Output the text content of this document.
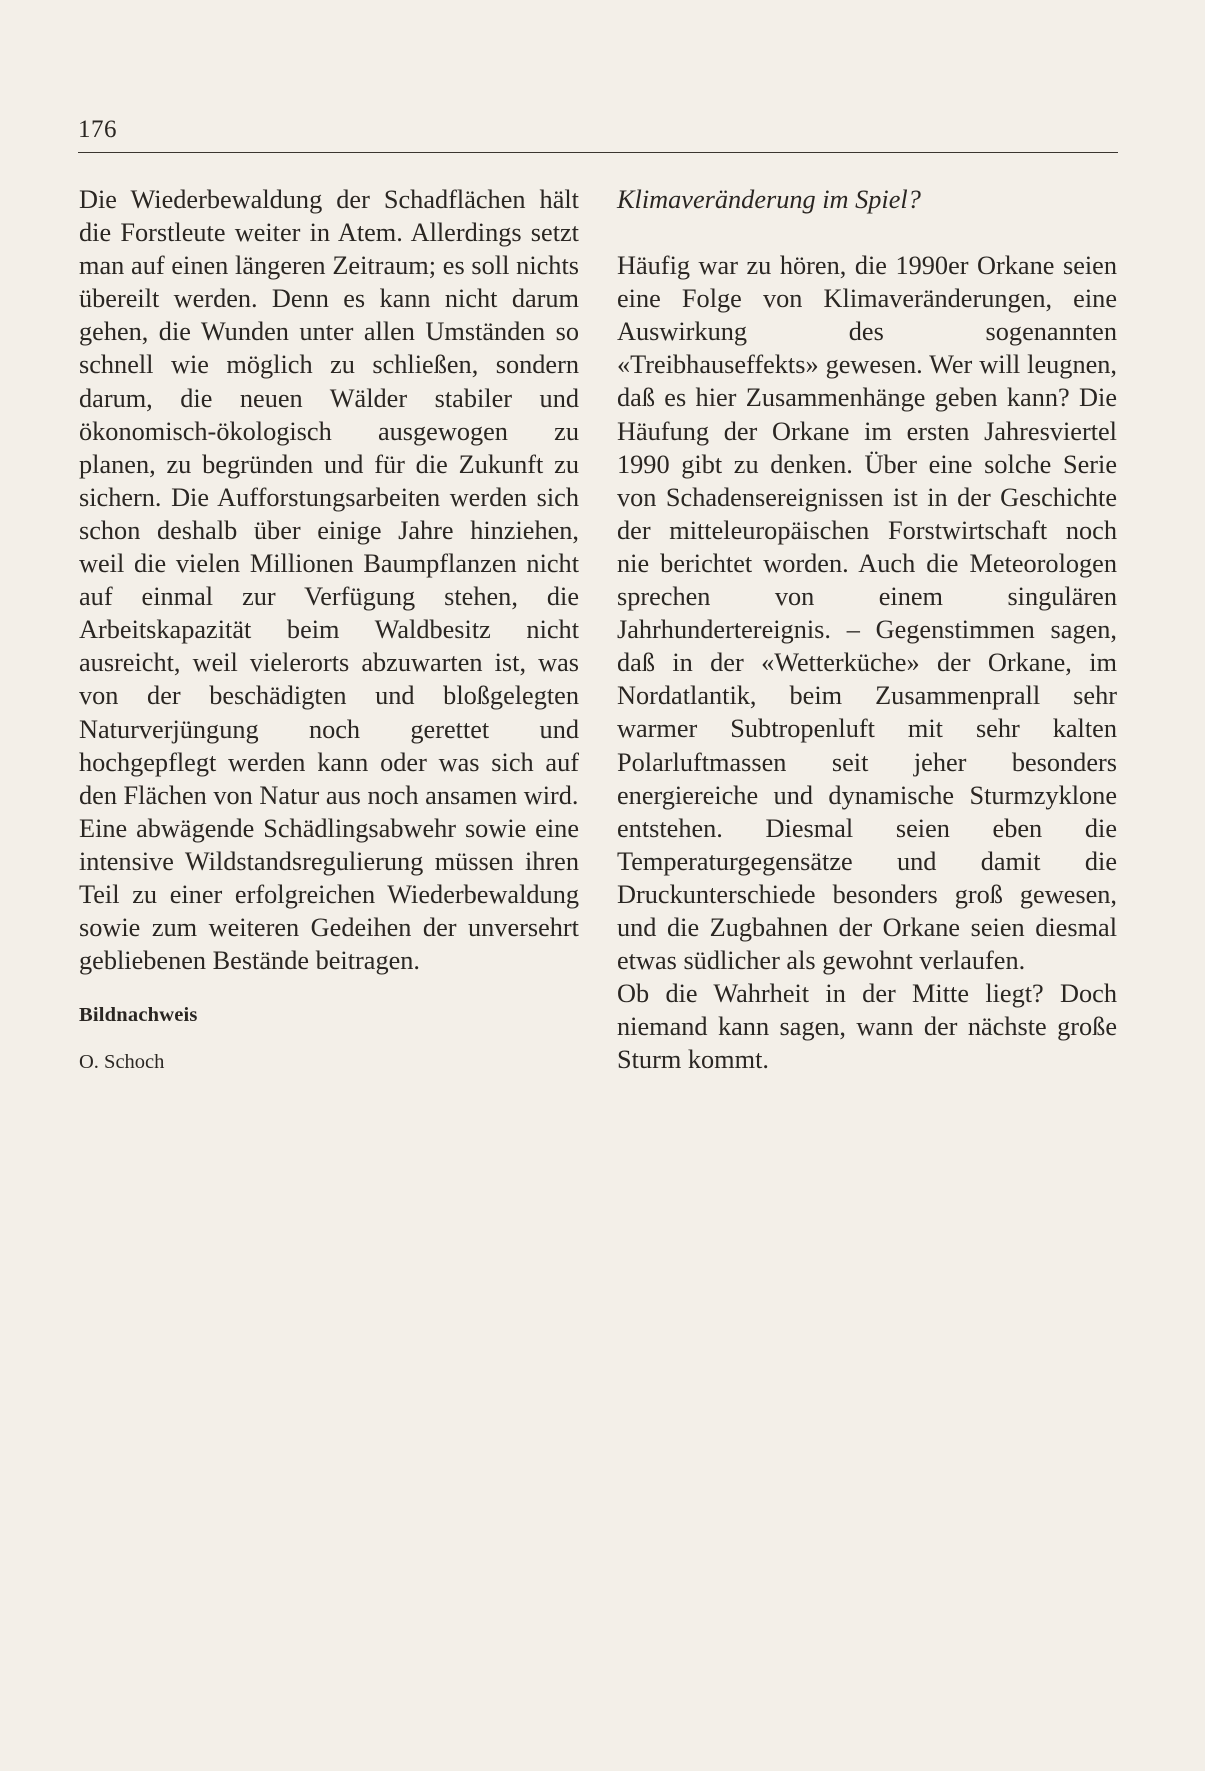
176

Die Wiederbewaldung der Schadflächen hält die Forstleute weiter in Atem. Allerdings setzt man auf einen längeren Zeitraum; es soll nichts übereilt werden. Denn es kann nicht darum gehen, die Wunden unter allen Umständen so schnell wie möglich zu schließen, sondern darum, die neuen Wälder stabiler und ökonomisch-ökologisch ausgewogen zu planen, zu begründen und für die Zukunft zu sichern. Die Aufforstungsarbeiten werden sich schon deshalb über einige Jahre hinziehen, weil die vielen Millionen Baumpflanzen nicht auf einmal zur Verfügung stehen, die Arbeitskapazität beim Waldbesitz nicht ausreicht, weil vielerorts abzuwarten ist, was von der beschädigten und bloßgelegten Naturverjüngung noch gerettet und hochgepflegt werden kann oder was sich auf den Flächen von Natur aus noch ansamen wird.

Eine abwägende Schädlingsabwehr sowie eine intensive Wildstandsregulierung müssen ihren Teil zu einer erfolgreichen Wiederbewaldung sowie zum weiteren Gedeihen der unversehrt gebliebenen Bestände beitragen.

Bildnachweis
O. Schoch
Klimaveränderung im Spiel?

Häufig war zu hören, die 1990er Orkane seien eine Folge von Klimaveränderungen, eine Auswirkung des sogenannten «Treibhauseffekts» gewesen. Wer will leugnen, daß es hier Zusammenhänge geben kann? Die Häufung der Orkane im ersten Jahresviertel 1990 gibt zu denken. Über eine solche Serie von Schadensereignissen ist in der Geschichte der mitteleuropäischen Forstwirtschaft noch nie berichtet worden. Auch die Meteorologen sprechen von einem singulären Jahrhundertereignis. – Gegenstimmen sagen, daß in der «Wetterküche» der Orkane, im Nordatlantik, beim Zusammenprall sehr warmer Subtropenluft mit sehr kalten Polarluftmassen seit jeher besonders energiereiche und dynamische Sturmzyklone entstehen. Diesmal seien eben die Temperaturgegensätze und damit die Druckunterschiede besonders groß gewesen, und die Zugbahnen der Orkane seien diesmal etwas südlicher als gewohnt verlaufen.

Ob die Wahrheit in der Mitte liegt? Doch niemand kann sagen, wann der nächste große Sturm kommt.
